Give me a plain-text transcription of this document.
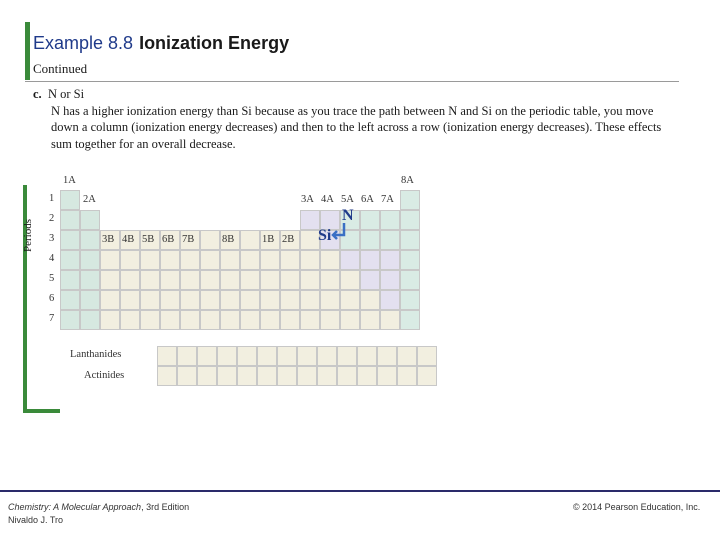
Example 8.8 Ionization Energy
Continued
c. N or Si
N has a higher ionization energy than Si because as you trace the path between N and Si on the periodic table, you move down a column (ionization energy decreases) and then to the left across a row (ionization energy decreases). These effects sum together for an overall decrease.
Periods
1
2
3
4
5
6
7
1A
2A	3A 4A 5A 6A 7A
8A
3B 4B 5B 6B 7B	8B	1B 2B
N
Si
Lanthanides
Actinides
Chemistry: A Molecular Approach, 3rd Edition
Nivaldo J. Tro
© 2014 Pearson Education, Inc.
